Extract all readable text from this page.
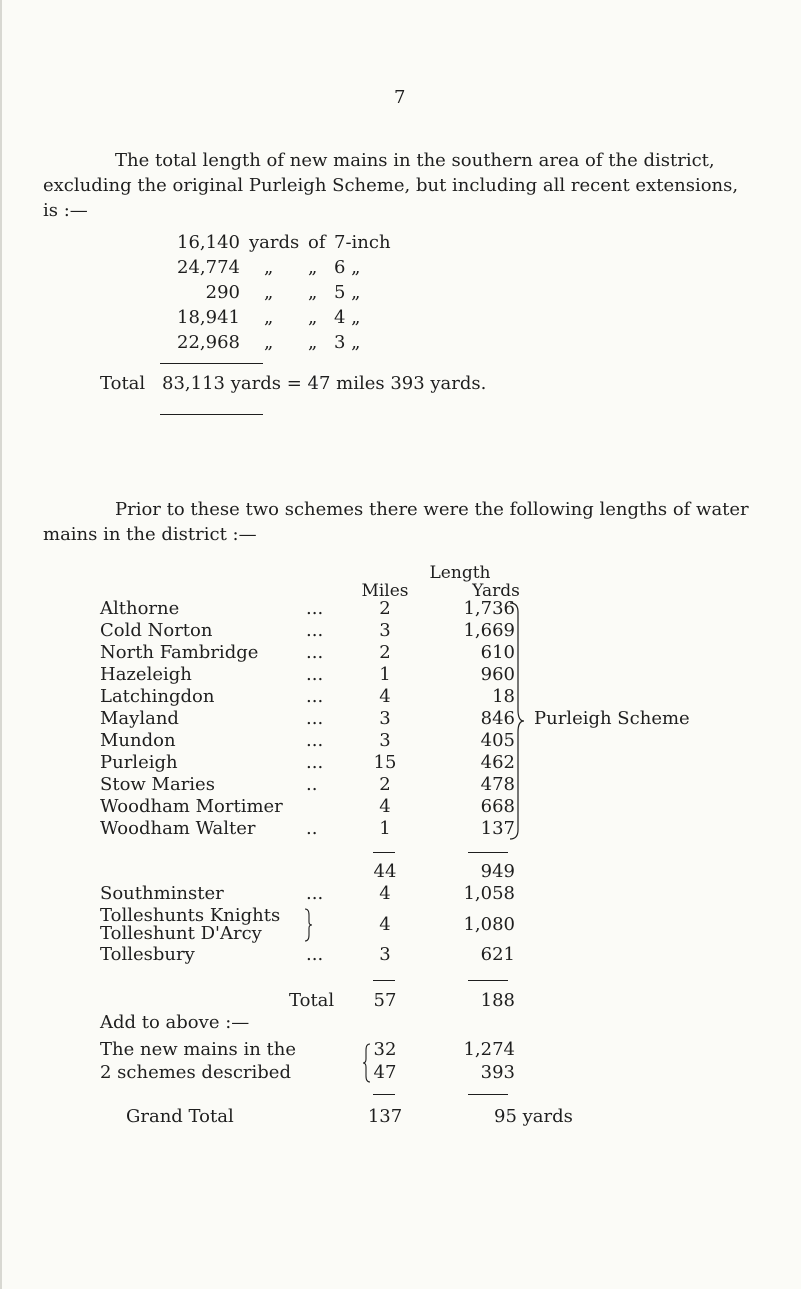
7
The total length of new mains in the southern area of the district, excluding the original Purleigh Scheme, but including all recent extensions, is :—
16,140 yards of 7-inch
24,774 „ „ 6 „
290 „ „ 5 „
18,941 „ „ 4 „
22,968 „ „ 3 „
Total 83,113 yards = 47 miles 393 yards.
Prior to these two schemes there were the following lengths of water mains in the district :—
Length
Miles	Yards
Althorne	...	2	1,736
Cold Norton	...	3	1,669
North Fambridge	...	2	610
Hazeleigh	...	1	960
Latchingdon	...	4	18
Mayland	...	3	846
Mundon	...	3	405
Purleigh	...	15	462
Stow Maries	..	2	478
Woodham Mortimer	4	668
Woodham Walter	..	1	137
Purleigh Scheme
44	949
Southminster	...	4	1,058
Tolleshunts Knights
Tolleshunt D'Arcy	4	1,080
Tollesbury	...	3	621
Total 57	188
Add to above :—
The new mains in the
2 schemes described
32	1,274
47	393
Grand Total	137	95 yards
